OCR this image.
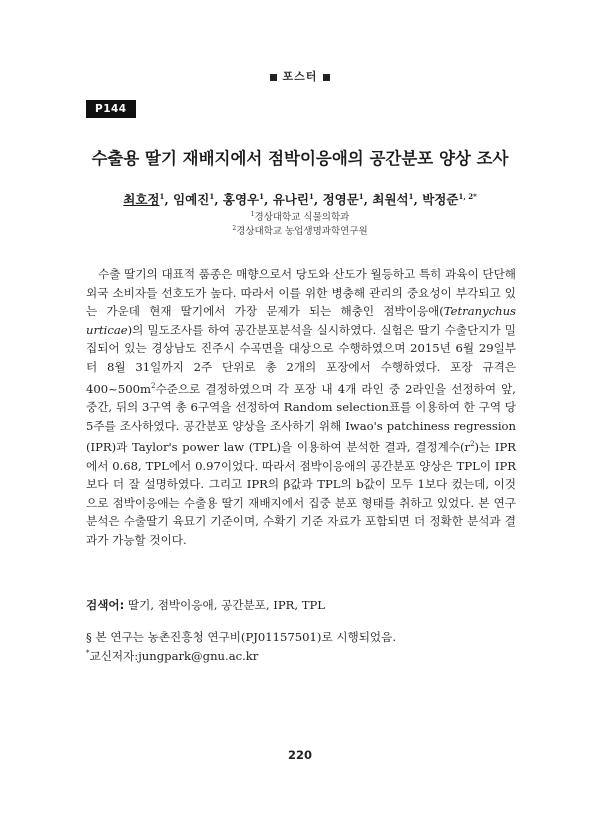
포스터
P144
수출용 딸기 재배지에서 점박이응애의 공간분포 양상 조사
최호정$^1$, 임예진$^1$, 홍영우$^1$, 유나린$^1$, 정영문$^1$, 최원석$^1$, 박정준$^{1, 2*}$
$^1$경상대학교 식물의학과
$^2$경상대학교 농업생명과학연구원

수출 딸기의 대표적 품종은 매향으로서 당도와 산도가 월등하고 특히 과육이 단단해 외국 소비자들 선호도가 높다. 따라서 이를 위한 병충해 관리의 중요성이 부각되고 있는 가운데 현재 딸기에서 가장 문제가 되는 해충인 점박이응애(Tetranychus urticae)의 밀도조사를 하여 공간분포분석을 실시하였다. 실험은 딸기 수출단지가 밀집되어 있는 경상남도 진주시 수곡면을 대상으로 수행하였으며 2015년 6월 29일부터 8월 31일까지 2주 단위로 총 2개의 포장에서 수행하였다. 포장 규격은 $400\sim 500m^2$수준으로 결정하였으며 각 포장 내 4개 라인 중 2라인을 선정하여 앞, 중간, 뒤의 3구역 총 6구역을 선정하여 Random selection표를 이용하여 한 구역 당 5주를 조사하였다. 공간분포 양상을 조사하기 위해 Iwao's patchiness regression (IPR)과 Taylor's power law (TPL)을 이용하여 분석한 결과, 결정계수$(r^2)$는 IPR에서 0.68, TPL에서 0.97이었다. 따라서 점박이응애의 공간분포 양상은 TPL이 IPR보다 더 잘 설명하였다. 그리고 IPR의 β값과 TPL의 b값이 모두 1보다 컸는데, 이것으로 점박이응애는 수출용 딸기 재배지에서 집중 분포 형태를 취하고 있었다. 본 연구 분석은 수출딸기 육묘기 기준이며, 수확기 기준 자료가 포함되면 더 정확한 분석과 결과가 가능할 것이다.

검색어: 딸기, 점박이응애, 공간분포, IPR, TPL
§ 본 연구는 농촌진흥청 연구비(PJ01157501)로 시행되었음.
*교신저자:jungpark@gnu.ac.kr
220
